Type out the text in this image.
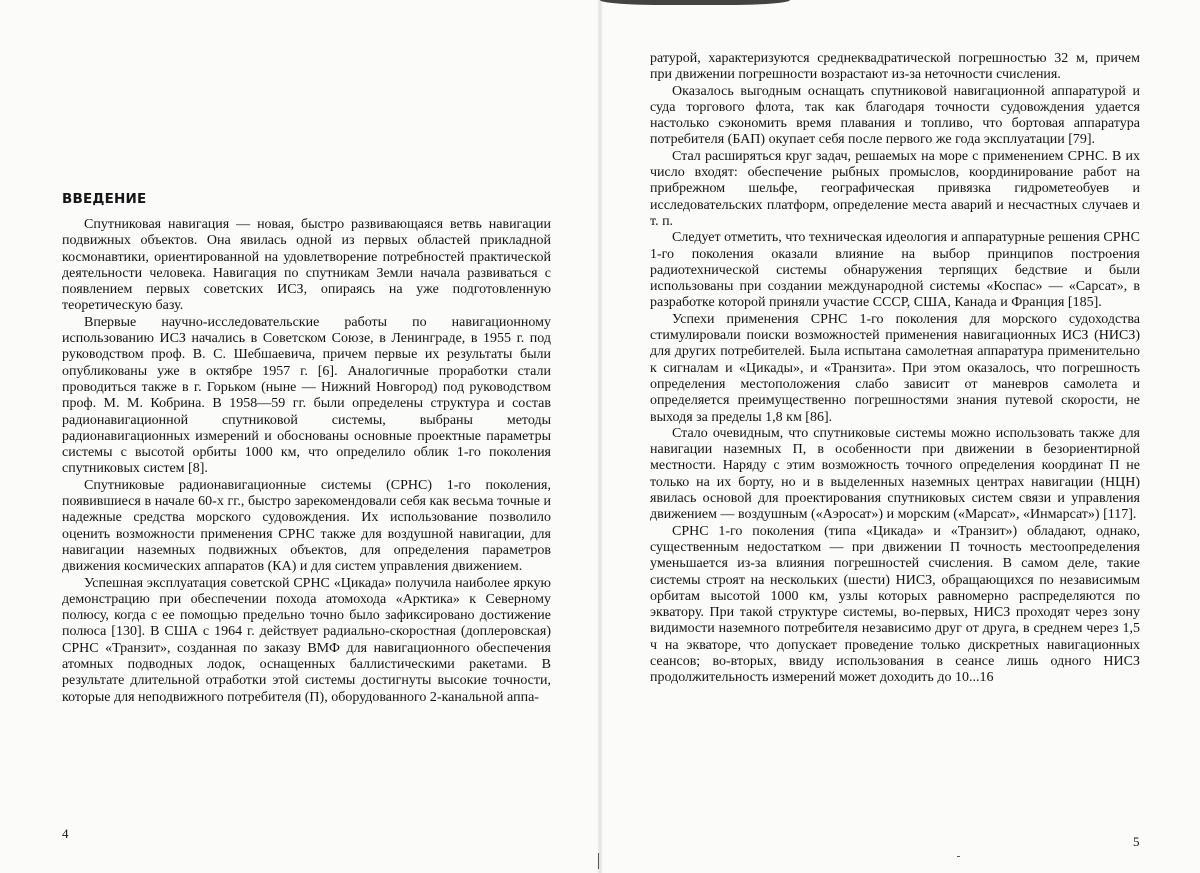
ВВЕДЕНИЕ

Спутниковая навигация — новая, быстро развивающаяся ветвь навигации подвижных объектов. Она явилась одной из первых областей прикладной космонавтики, ориентированной на удовлетворение потребностей практической деятельности человека. Навигация по спутникам Земли начала развиваться с появлением первых советских ИСЗ, опираясь на уже подготовленную теоретическую базу.

Впервые научно-исследовательские работы по навигационному использованию ИСЗ начались в Советском Союзе, в Ленинграде, в 1955 г. под руководством проф. В. С. Шебшаевича, причем первые их результаты были опубликованы уже в октябре 1957 г. [6]. Аналогичные проработки стали проводиться также в г. Горьком (ныне — Нижний Новгород) под руководством проф. М. М. Кобрина. В 1958—59 гг. были определены структура и состав радионавигационной спутниковой системы, выбраны методы радионавигационных измерений и обоснованы основные проектные параметры системы с высотой орбиты 1000 км, что определило облик 1-го поколения спутниковых систем [8].

Спутниковые радионавигационные системы (СРНС) 1-го поколения, появившиеся в начале 60-х гг., быстро зарекомендовали себя как весьма точные и надежные средства морского судовождения. Их использование позволило оценить возможности применения СРНС также для воздушной навигации, для навигации наземных подвижных объектов, для определения параметров движения космических аппаратов (КА) и для систем управления движением.

Успешная эксплуатация советской СРНС «Цикада» получила наиболее яркую демонстрацию при обеспечении похода атомохода «Арктика» к Северному полюсу, когда с ее помощью предельно точно было зафиксировано достижение полюса [130]. В США с 1964 г. действует радиально-скоростная (доплеровская) СРНС «Транзит», созданная по заказу ВМФ для навигационного обеспечения атомных подводных лодок, оснащенных баллистическими ракетами. В результате длительной отработки этой системы достигнуты высокие точности, которые для неподвижного потребителя (П), оборудованного 2-канальной аппа-

4

ратурой, характеризуются среднеквадратической погрешностью 32 м, причем при движении погрешности возрастают из-за неточности счисления.

Оказалось выгодным оснащать спутниковой навигационной аппаратурой и суда торгового флота, так как благодаря точности судовождения удается настолько сэкономить время плавания и топливо, что бортовая аппаратура потребителя (БАП) окупает себя после первого же года эксплуатации [79].

Стал расширяться круг задач, решаемых на море с применением СРНС. В их число входят: обеспечение рыбных промыслов, координирование работ на прибрежном шельфе, географическая привязка гидрометеобуев и исследовательских платформ, определение места аварий и несчастных случаев и т. п.

Следует отметить, что техническая идеология и аппаратурные решения СРНС 1-го поколения оказали влияние на выбор принципов построения радиотехнической системы обнаружения терпящих бедствие и были использованы при создании международной системы «Коспас» — «Сарсат», в разработке которой приняли участие СССР, США, Канада и Франция [185].

Успехи применения СРНС 1-го поколения для морского судоходства стимулировали поиски возможностей применения навигационных ИСЗ (НИСЗ) для других потребителей. Была испытана самолетная аппаратура применительно к сигналам и «Цикады», и «Транзита». При этом оказалось, что погрешность определения местоположения слабо зависит от маневров самолета и определяется преимущественно погрешностями знания путевой скорости, не выходя за пределы 1,8 км [86].

Стало очевидным, что спутниковые системы можно использовать также для навигации наземных П, в особенности при движении в безориентирной местности. Наряду с этим возможность точного определения координат П не только на их борту, но и в выделенных наземных центрах навигации (НЦН) явилась основой для проектирования спутниковых систем связи и управления движением — воздушным («Аэросат») и морским («Марсат», «Инмарсат») [117].

СРНС 1-го поколения (типа «Цикада» и «Транзит») обладают, однако, существенным недостатком — при движении П точность местоопределения уменьшается из-за влияния погрешностей счисления. В самом деле, такие системы строят на нескольких (шести) НИСЗ, обращающихся по независимым орбитам высотой 1000 км, узлы которых равномерно распределяются по экватору. При такой структуре системы, во-первых, НИСЗ проходят через зону видимости наземного потребителя независимо друг от друга, в среднем через 1,5 ч на экваторе, что допускает проведение только дискретных навигационных сеансов; во-вторых, ввиду использования в сеансе лишь одного НИСЗ продолжительность измерений может доходить до 10...16

5
